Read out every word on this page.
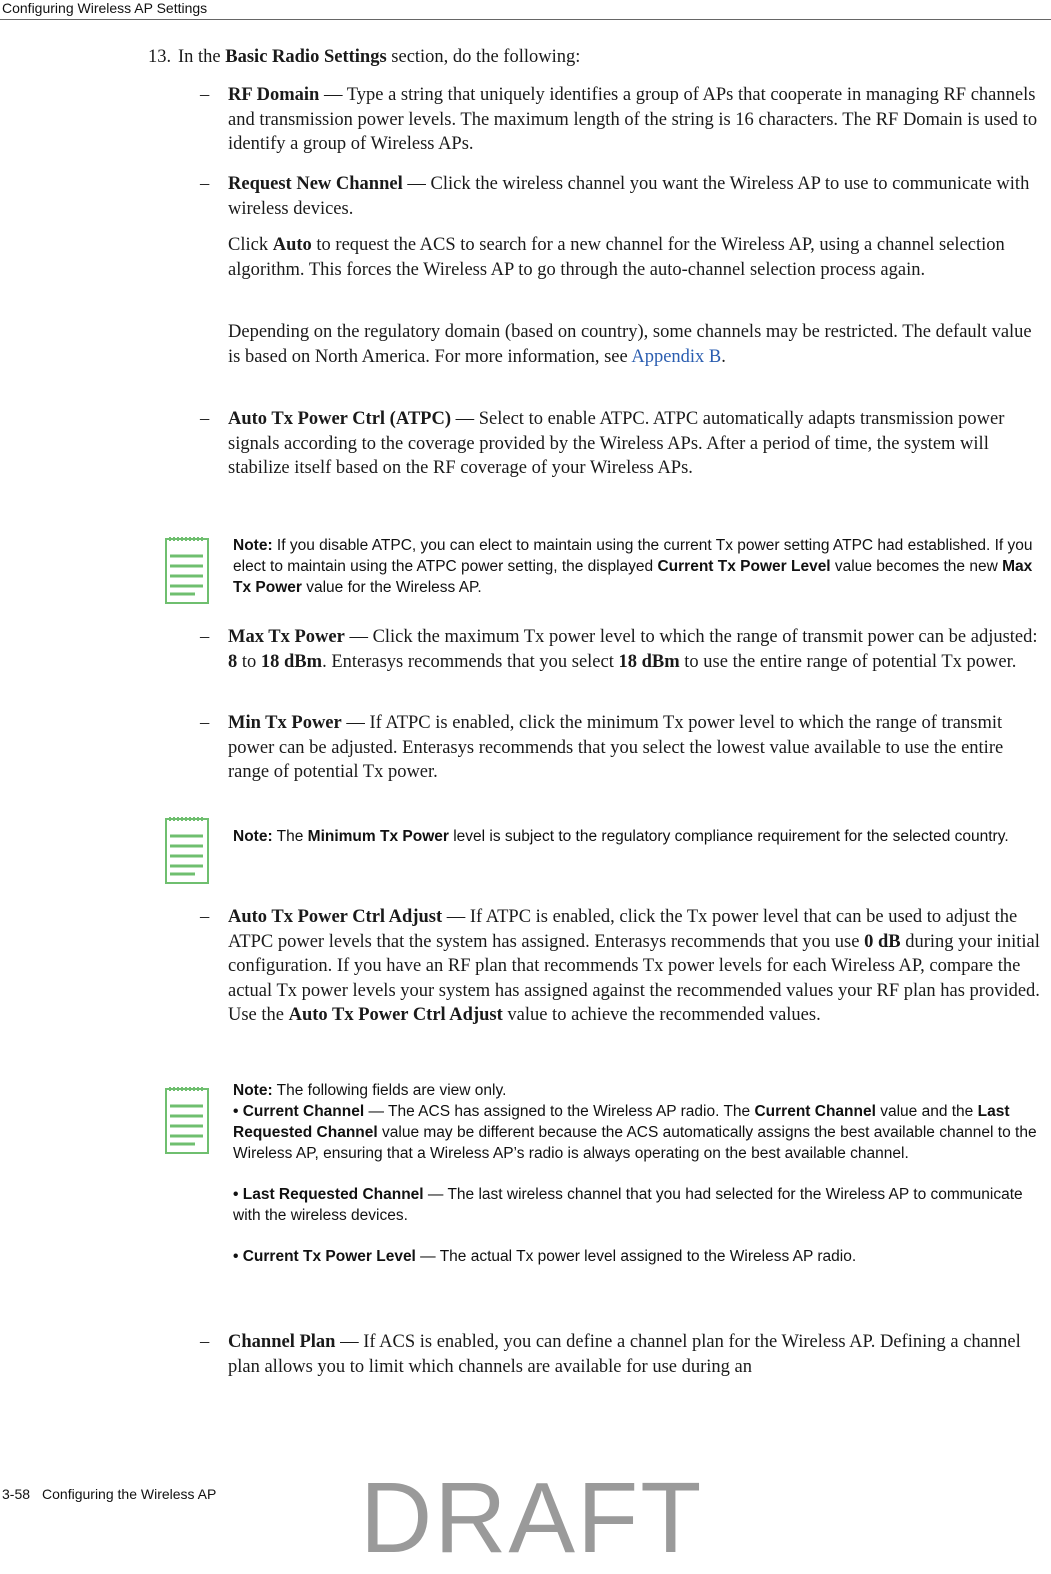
Configuring Wireless AP Settings
13. In the Basic Radio Settings section, do the following:
– RF Domain — Type a string that uniquely identifies a group of APs that cooperate in managing RF channels and transmission power levels. The maximum length of the string is 16 characters. The RF Domain is used to identify a group of Wireless APs.
– Request New Channel — Click the wireless channel you want the Wireless AP to use to communicate with wireless devices.
Click Auto to request the ACS to search for a new channel for the Wireless AP, using a channel selection algorithm. This forces the Wireless AP to go through the auto-channel selection process again.
Depending on the regulatory domain (based on country), some channels may be restricted. The default value is based on North America. For more information, see Appendix B.
– Auto Tx Power Ctrl (ATPC) — Select to enable ATPC. ATPC automatically adapts transmission power signals according to the coverage provided by the Wireless APs. After a period of time, the system will stabilize itself based on the RF coverage of your Wireless APs.
Note: If you disable ATPC, you can elect to maintain using the current Tx power setting ATPC had established. If you elect to maintain using the ATPC power setting, the displayed Current Tx Power Level value becomes the new Max Tx Power value for the Wireless AP.
– Max Tx Power — Click the maximum Tx power level to which the range of transmit power can be adjusted: 8 to 18 dBm. Enterasys recommends that you select 18 dBm to use the entire range of potential Tx power.
– Min Tx Power — If ATPC is enabled, click the minimum Tx power level to which the range of transmit power can be adjusted. Enterasys recommends that you select the lowest value available to use the entire range of potential Tx power.
Note: The Minimum Tx Power level is subject to the regulatory compliance requirement for the selected country.
– Auto Tx Power Ctrl Adjust — If ATPC is enabled, click the Tx power level that can be used to adjust the ATPC power levels that the system has assigned. Enterasys recommends that you use 0 dB during your initial configuration. If you have an RF plan that recommends Tx power levels for each Wireless AP, compare the actual Tx power levels your system has assigned against the recommended values your RF plan has provided. Use the Auto Tx Power Ctrl Adjust value to achieve the recommended values.
Note: The following fields are view only.
• Current Channel — The ACS has assigned to the Wireless AP radio. The Current Channel value and the Last Requested Channel value may be different because the ACS automatically assigns the best available channel to the Wireless AP, ensuring that a Wireless AP’s radio is always operating on the best available channel.
• Last Requested Channel — The last wireless channel that you had selected for the Wireless AP to communicate with the wireless devices.
• Current Tx Power Level — The actual Tx power level assigned to the Wireless AP radio.
– Channel Plan — If ACS is enabled, you can define a channel plan for the Wireless AP. Defining a channel plan allows you to limit which channels are available for use during an
3-58 Configuring the Wireless AP DRAFT
